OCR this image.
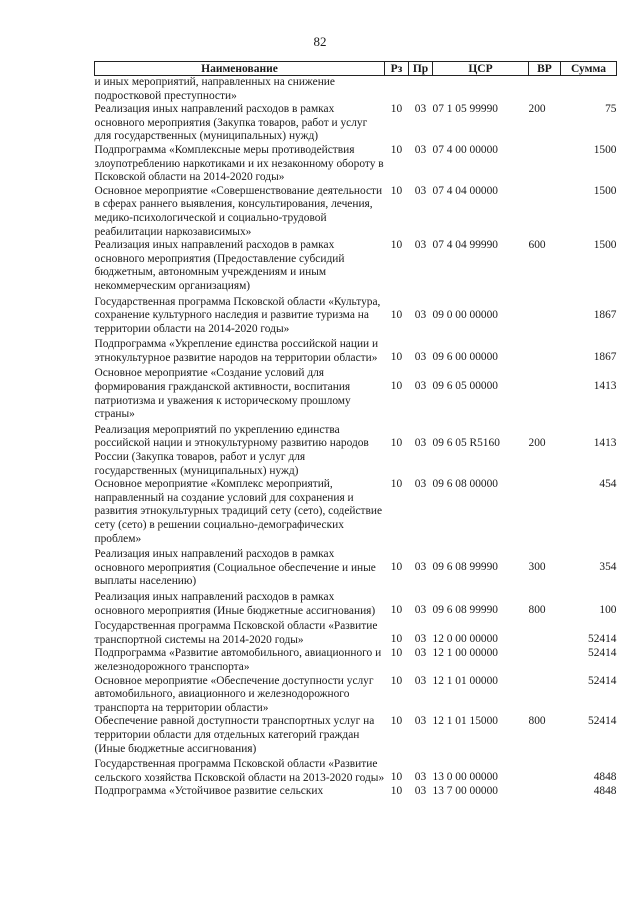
82
Наименование	Рз	Пр	ЦСР	ВР	Сумма
и иных мероприятий, направленных на снижение подростковой преступности»					
Реализация иных направлений расходов в рамках основного мероприятия (Закупка товаров, работ и услуг для государственных (муниципальных) нужд)	10	03	07 1 05 99990	200	75
Подпрограмма «Комплексные меры противодействия злоупотреблению наркотиками и их незаконному обороту в Псковской области на 2014-2020 годы»	10	03	07 4 00 00000		1500
Основное мероприятие «Совершенствование деятельности в сферах раннего выявления, консультирования, лечения, медико-психологической и социально-трудовой реабилитации наркозависимых»	10	03	07 4 04 00000		1500
Реализация иных направлений расходов в рамках основного мероприятия (Предоставление субсидий бюджетным, автономным учреждениям и иным некоммерческим организациям)	10	03	07 4 04 99990	600	1500
Государственная программа Псковской области «Культура, сохранение культурного наследия и развитие туризма на территории области на 2014-2020 годы»	10	03	09 0 00 00000		1867
Подпрограмма «Укрепление единства российской нации и этнокультурное развитие народов на территории области»	10	03	09 6 00 00000		1867
Основное мероприятие «Создание условий для формирования гражданской активности, воспитания патриотизма и уважения к историческому прошлому страны»	10	03	09 6 05 00000		1413
Реализация мероприятий по укреплению единства российской нации и этнокультурному развитию народов России (Закупка товаров, работ и услуг для государственных (муниципальных) нужд)	10	03	09 6 05 R5160	200	1413
Основное мероприятие «Комплекс мероприятий, направленный на создание условий для сохранения и развития этнокультурных традиций сету (сето), содействие сету (сето) в решении социально-демографических проблем»	10	03	09 6 08 00000		454
Реализация иных направлений расходов в рамках основного мероприятия (Социальное обеспечение и иные выплаты населению)	10	03	09 6 08 99990	300	354
Реализация иных направлений расходов в рамках основного мероприятия (Иные бюджетные ассигнования)	10	03	09 6 08 99990	800	100
Государственная программа Псковской области «Развитие транспортной системы на 2014-2020 годы»	10	03	12 0 00 00000		52414
Подпрограмма «Развитие автомобильного, авиационного и железнодорожного транспорта»	10	03	12 1 00 00000		52414
Основное мероприятие «Обеспечение доступности услуг автомобильного, авиационного и железнодорожного транспорта на территории области»	10	03	12 1 01 00000		52414
Обеспечение равной доступности транспортных услуг на территории области для отдельных категорий граждан (Иные бюджетные ассигнования)	10	03	12 1 01 15000	800	52414
Государственная программа Псковской области «Развитие сельского хозяйства Псковской области на 2013-2020 годы»	10	03	13 0 00 00000		4848
Подпрограмма «Устойчивое развитие сельских	10	03	13 7 00 00000		4848
